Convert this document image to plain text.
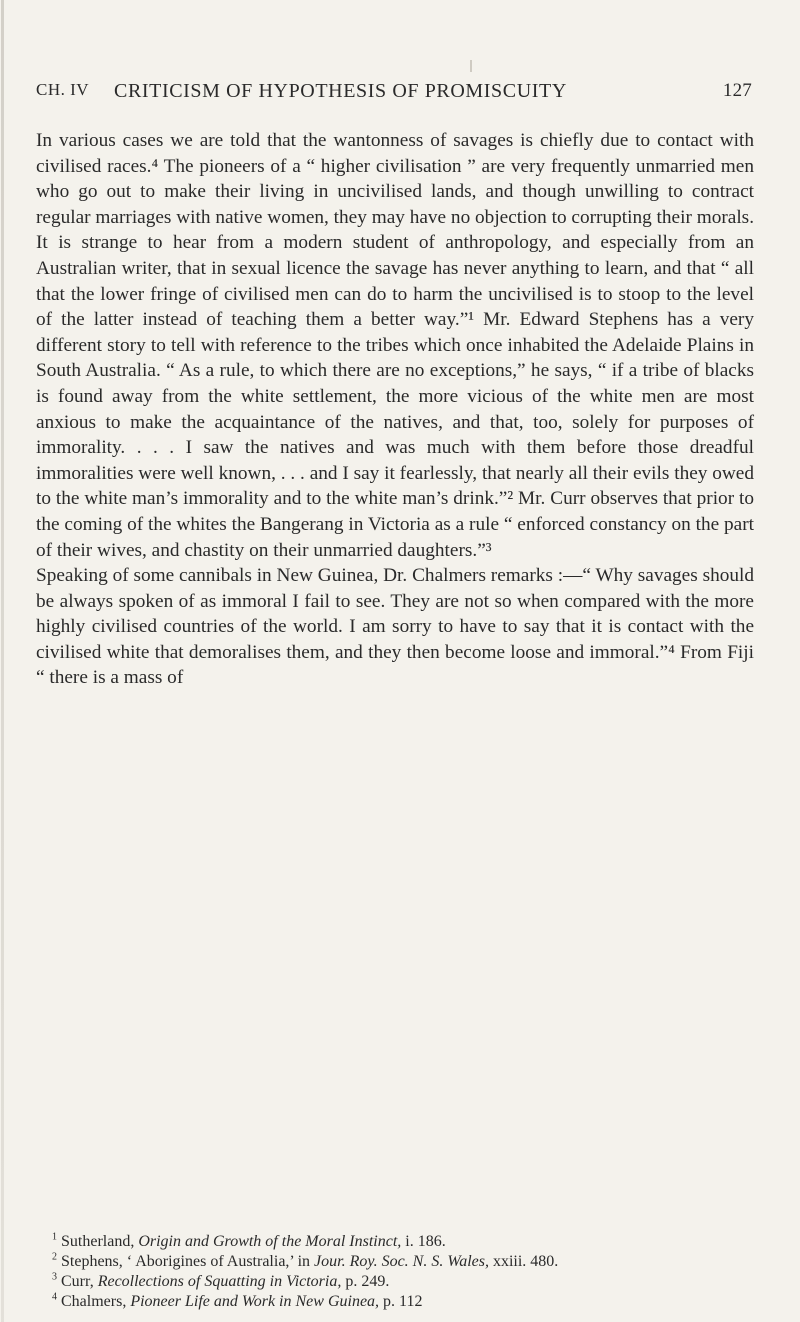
CH. IV CRITICISM OF HYPOTHESIS OF PROMISCUITY	127

In various cases we are told that the wantonness of savages is chiefly due to contact with civilised races.⁴ The pioneers of a “ higher civilisation ” are very frequently unmarried men who go out to make their living in uncivilised lands, and though unwilling to contract regular marriages with native women, they may have no objection to corrupting their morals. It is strange to hear from a modern student of anthropology, and especially from an Australian writer, that in sexual licence the savage has never anything to learn, and that “ all that the lower fringe of civilised men can do to harm the uncivilised is to stoop to the level of the latter instead of teaching them a better way.”¹ Mr. Edward Stephens has a very different story to tell with reference to the tribes which once inhabited the Adelaide Plains in South Australia. “ As a rule, to which there are no exceptions,” he says, “ if a tribe of blacks is found away from the white settlement, the more vicious of the white men are most anxious to make the acquaintance of the natives, and that, too, solely for purposes of immorality. . . . I saw the natives and was much with them before those dreadful immoralities were well known, . . . and I say it fearlessly, that nearly all their evils they owed to the white man’s immorality and to the white man’s drink.”² Mr. Curr observes that prior to the coming of the whites the Bangerang in Victoria as a rule “ enforced constancy on the part of their wives, and chastity on their unmarried daughters.”³

Speaking of some cannibals in New Guinea, Dr. Chalmers remarks :—“ Why savages should be always spoken of as immoral I fail to see. They are not so when compared with the more highly civilised countries of the world. I am sorry to have to say that it is contact with the civilised white that demoralises them, and they then become loose and immoral.”⁴ From Fiji “ there is a mass of

$^1$ Sutherland, Origin and Growth of the Moral Instinct, i. 186.

$^2$ Stephens, ‘ Aborigines of Australia,’ in Jour. Roy. Soc. N. S. Wales, xxiii. 480.

$^3$ Curr, Recollections of Squatting in Victoria, p. 249.

$^4$ Chalmers, Pioneer Life and Work in New Guinea, p. 112
